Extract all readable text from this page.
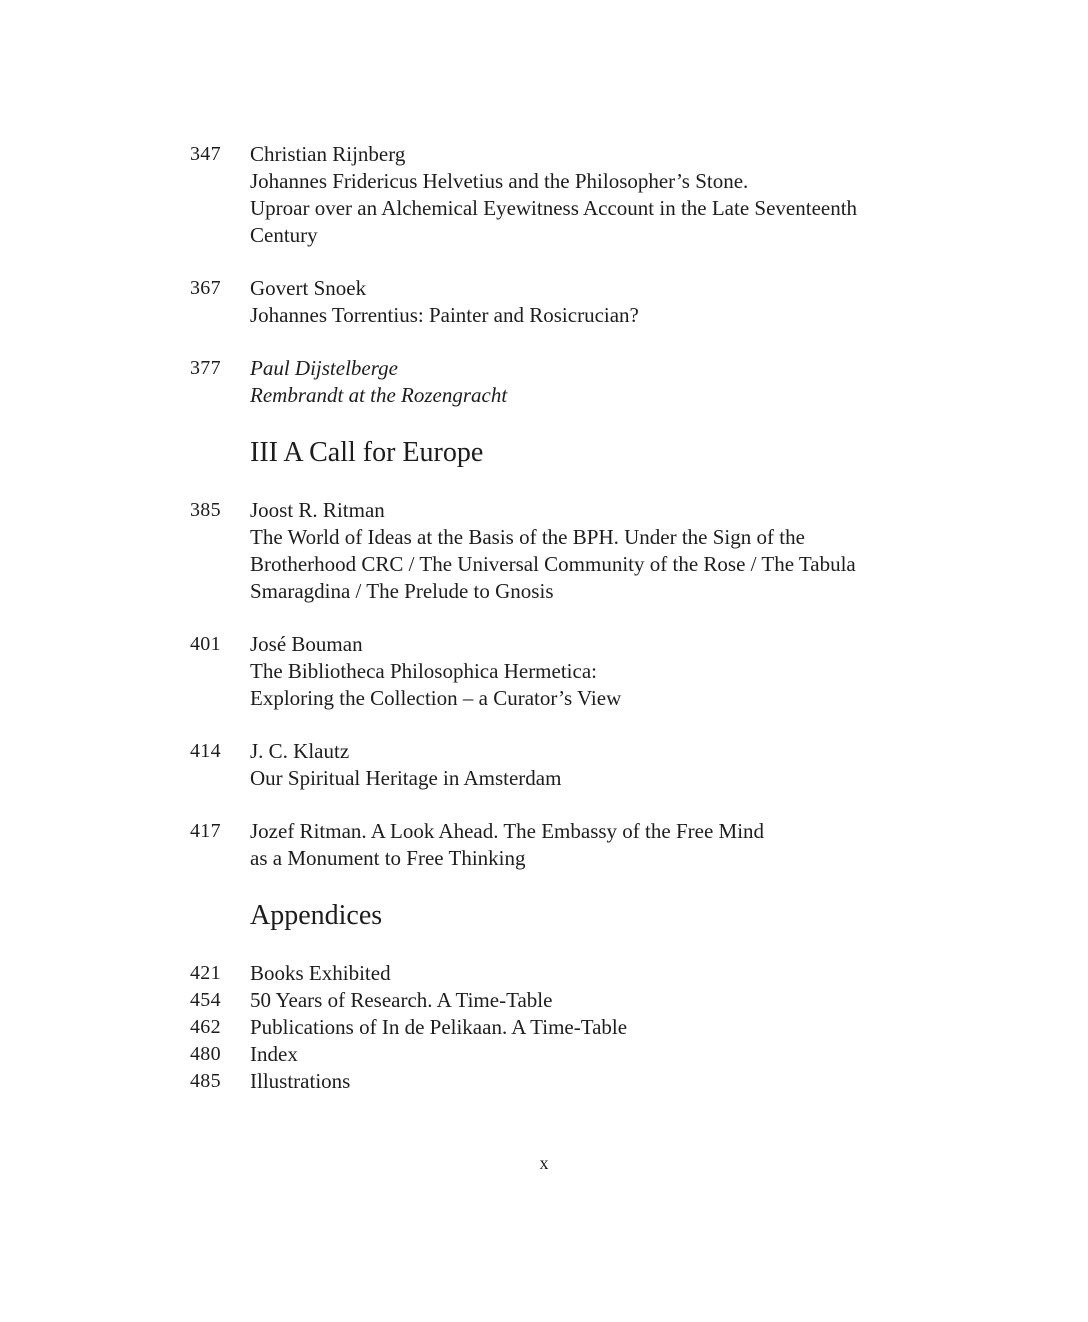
347	Christian Rijnberg
Johannes Fridericus Helvetius and the Philosopher’s Stone.
Uproar over an Alchemical Eyewitness Account in the Late Seventeenth
Century
367	Govert Snoek
Johannes Torrentius: Painter and Rosicrucian?
377	Paul Dijstelberge
Rembrandt at the Rozengracht
III A Call for Europe
385	Joost R. Ritman
The World of Ideas at the Basis of the BPH. Under the Sign of the
Brotherhood CRC / The Universal Community of the Rose / The Tabula
Smaragdina / The Prelude to Gnosis
401	José Bouman
The Bibliotheca Philosophica Hermetica:
Exploring the Collection – a Curator’s View
414	J. C. Klautz
Our Spiritual Heritage in Amsterdam
417	Jozef Ritman. A Look Ahead. The Embassy of the Free Mind
as a Monument to Free Thinking
Appendices
421	Books Exhibited
454	50 Years of Research. A Time-Table
462	Publications of In de Pelikaan. A Time-Table
480	Index
485	Illustrations
x
